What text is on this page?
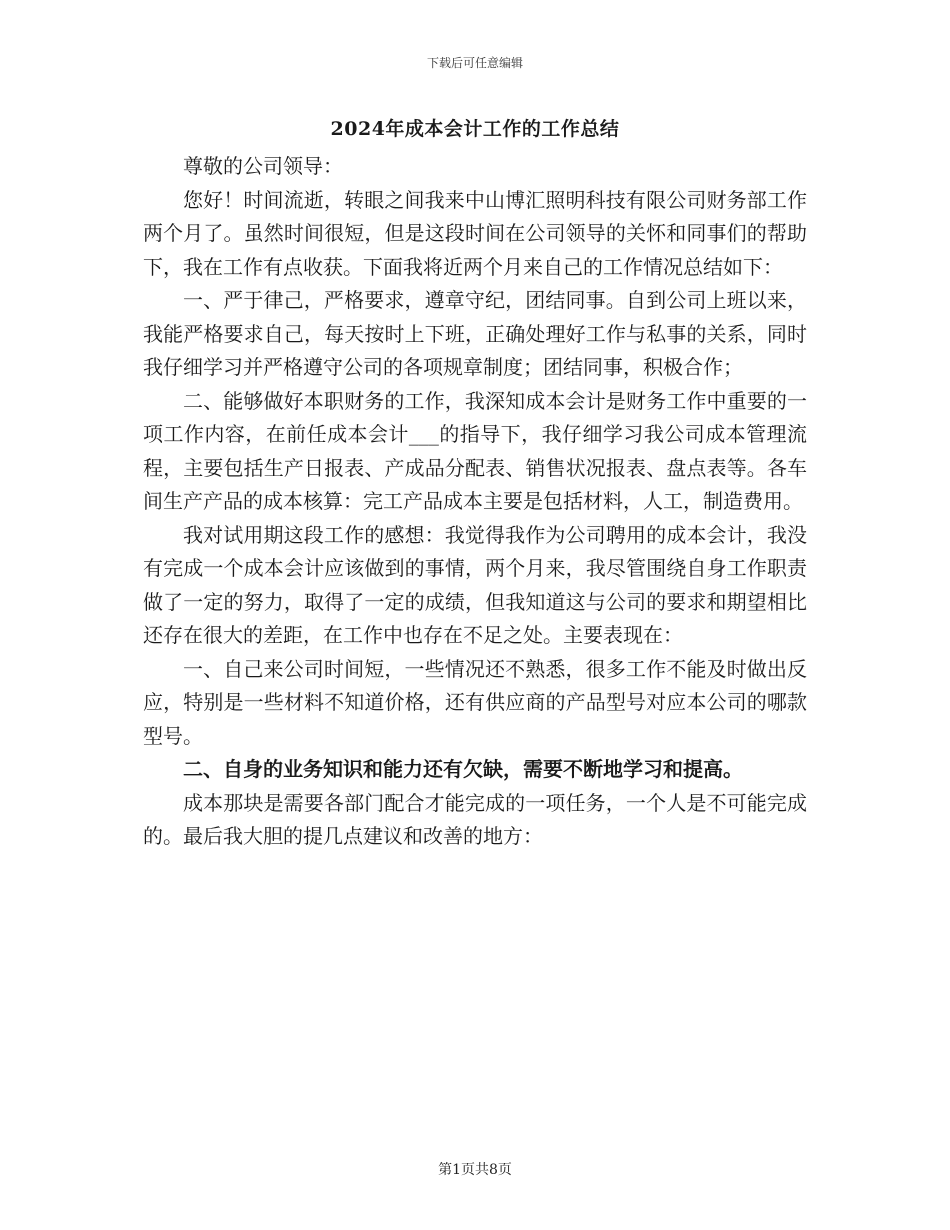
下载后可任意编辑
2024年成本会计工作的工作总结

尊敬的公司领导：

您好！时间流逝，转眼之间我来中山博汇照明科技有限公司财务部工作两个月了。虽然时间很短，但是这段时间在公司领导的关怀和同事们的帮助下，我在工作有点收获。下面我将近两个月来自己的工作情况总结如下：

一、严于律己，严格要求，遵章守纪，团结同事。自到公司上班以来，我能严格要求自己，每天按时上下班，正确处理好工作与私事的关系，同时我仔细学习并严格遵守公司的各项规章制度；团结同事，积极合作；

二、能够做好本职财务的工作，我深知成本会计是财务工作中重要的一项工作内容，在前任成本会计___的指导下，我仔细学习我公司成本管理流程，主要包括生产日报表、产成品分配表、销售状况报表、盘点表等。各车间生产产品的成本核算：完工产品成本主要是包括材料，人工，制造费用。

我对试用期这段工作的感想：我觉得我作为公司聘用的成本会计，我没有完成一个成本会计应该做到的事情，两个月来，我尽管围绕自身工作职责做了一定的努力，取得了一定的成绩，但我知道这与公司的要求和期望相比还存在很大的差距，在工作中也存在不足之处。主要表现在：

一、自己来公司时间短，一些情况还不熟悉，很多工作不能及时做出反应，特别是一些材料不知道价格，还有供应商的产品型号对应本公司的哪款型号。

二、自身的业务知识和能力还有欠缺，需要不断地学习和提高。

成本那块是需要各部门配合才能完成的一项任务，一个人是不可能完成的。最后我大胆的提几点建议和改善的地方：

第1页共8页
